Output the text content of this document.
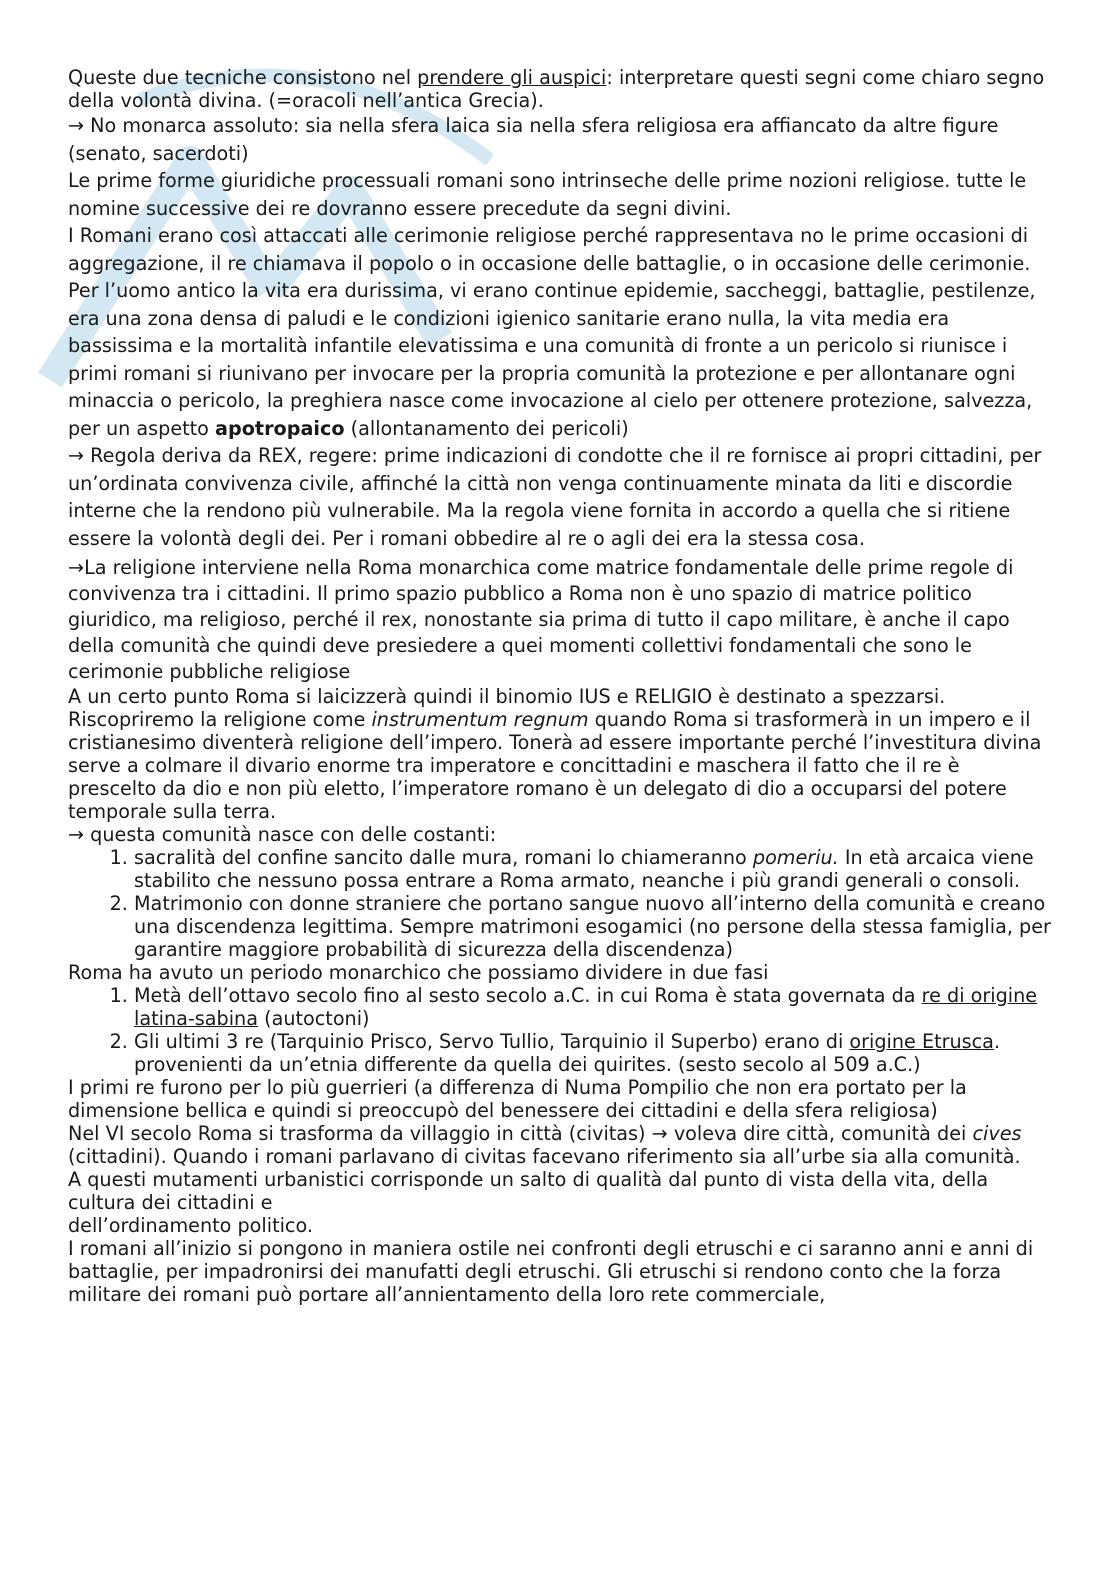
Queste due tecniche consistono nel prendere gli auspici: interpretare questi segni come chiaro segno della volontà divina. (=oracoli nell’antica Grecia).

→ No monarca assoluto: sia nella sfera laica sia nella sfera religiosa era affiancato da altre figure (senato, sacerdoti)

Le prime forme giuridiche processuali romani sono intrinseche delle prime nozioni religiose. tutte le nomine successive dei re dovranno essere precedute da segni divini.

I Romani erano così attaccati alle cerimonie religiose perché rappresentava no le prime occasioni di aggregazione, il re chiamava il popolo o in occasione delle battaglie, o in occasione delle cerimonie.

Per l’uomo antico la vita era durissima, vi erano continue epidemie, saccheggi, battaglie, pestilenze, era una zona densa di paludi e le condizioni igienico sanitarie erano nulla, la vita media era bassissima e la mortalità infantile elevatissima e una comunità di fronte a un pericolo si riunisce i primi romani si riunivano per invocare per la propria comunità la protezione e per allontanare ogni minaccia o pericolo, la preghiera nasce come invocazione al cielo per ottenere protezione, salvezza, per un aspetto apotropaico (allontanamento dei pericoli)

→ Regola deriva da REX, regere: prime indicazioni di condotte che il re fornisce ai propri cittadini, per un’ordinata convivenza civile, affinché la città non venga continuamente minata da liti e discordie interne che la rendono più vulnerabile. Ma la regola viene fornita in accordo a quella che si ritiene essere la volontà degli dei. Per i romani obbedire al re o agli dei era la stessa cosa.

→La religione interviene nella Roma monarchica come matrice fondamentale delle prime regole di convivenza tra i cittadini. Il primo spazio pubblico a Roma non è uno spazio di matrice politico giuridico, ma religioso, perché il rex, nonostante sia prima di tutto il capo militare, è anche il capo della comunità che quindi deve presiedere a quei momenti collettivi fondamentali che sono le cerimonie pubbliche religiose

A un certo punto Roma si laicizzerà quindi il binomio IUS e RELIGIO è destinato a spezzarsi.

Riscopriremo la religione come instrumentum regnum quando Roma si trasformerà in un impero e il cristianesimo diventerà religione dell’impero. Tonerà ad essere importante perché l’investitura divina serve a colmare il divario enorme tra imperatore e concittadini e maschera il fatto che il re è prescelto da dio e non più eletto, l’imperatore romano è un delegato di dio a occuparsi del potere temporale sulla terra.

→ questa comunità nasce con delle costanti:

1. sacralità del confine sancito dalle mura, romani lo chiameranno pomeriu. In età arcaica viene stabilito che nessuno possa entrare a Roma armato, neanche i più grandi generali o consoli.
2. Matrimonio con donne straniere che portano sangue nuovo all’interno della comunità e creano una discendenza legittima. Sempre matrimoni esogamici (no persone della stessa famiglia, per garantire maggiore probabilità di sicurezza della discendenza)

Roma ha avuto un periodo monarchico che possiamo dividere in due fasi

1. Metà dell’ottavo secolo fino al sesto secolo a.C. in cui Roma è stata governata da re di origine latina-sabina (autoctoni)
2. Gli ultimi 3 re (Tarquinio Prisco, Servo Tullio, Tarquinio il Superbo) erano di origine Etrusca. provenienti da un’etnia differente da quella dei quirites. (sesto secolo al 509 a.C.)

I primi re furono per lo più guerrieri (a differenza di Numa Pompilio che non era portato per la dimensione bellica e quindi si preoccupò del benessere dei cittadini e della sfera religiosa)

Nel VI secolo Roma si trasforma da villaggio in città (civitas) → voleva dire città, comunità dei cives (cittadini). Quando i romani parlavano di civitas facevano riferimento sia all’urbe sia alla comunità.

A questi mutamenti urbanistici corrisponde un salto di qualità dal punto di vista della vita, della cultura dei cittadini e

dell’ordinamento politico.

I romani all’inizio si pongono in maniera ostile nei confronti degli etruschi e ci saranno anni e anni di battaglie, per impadronirsi dei manufatti degli etruschi. Gli etruschi si rendono conto che la forza militare dei romani può portare all’annientamento della loro rete commerciale,
